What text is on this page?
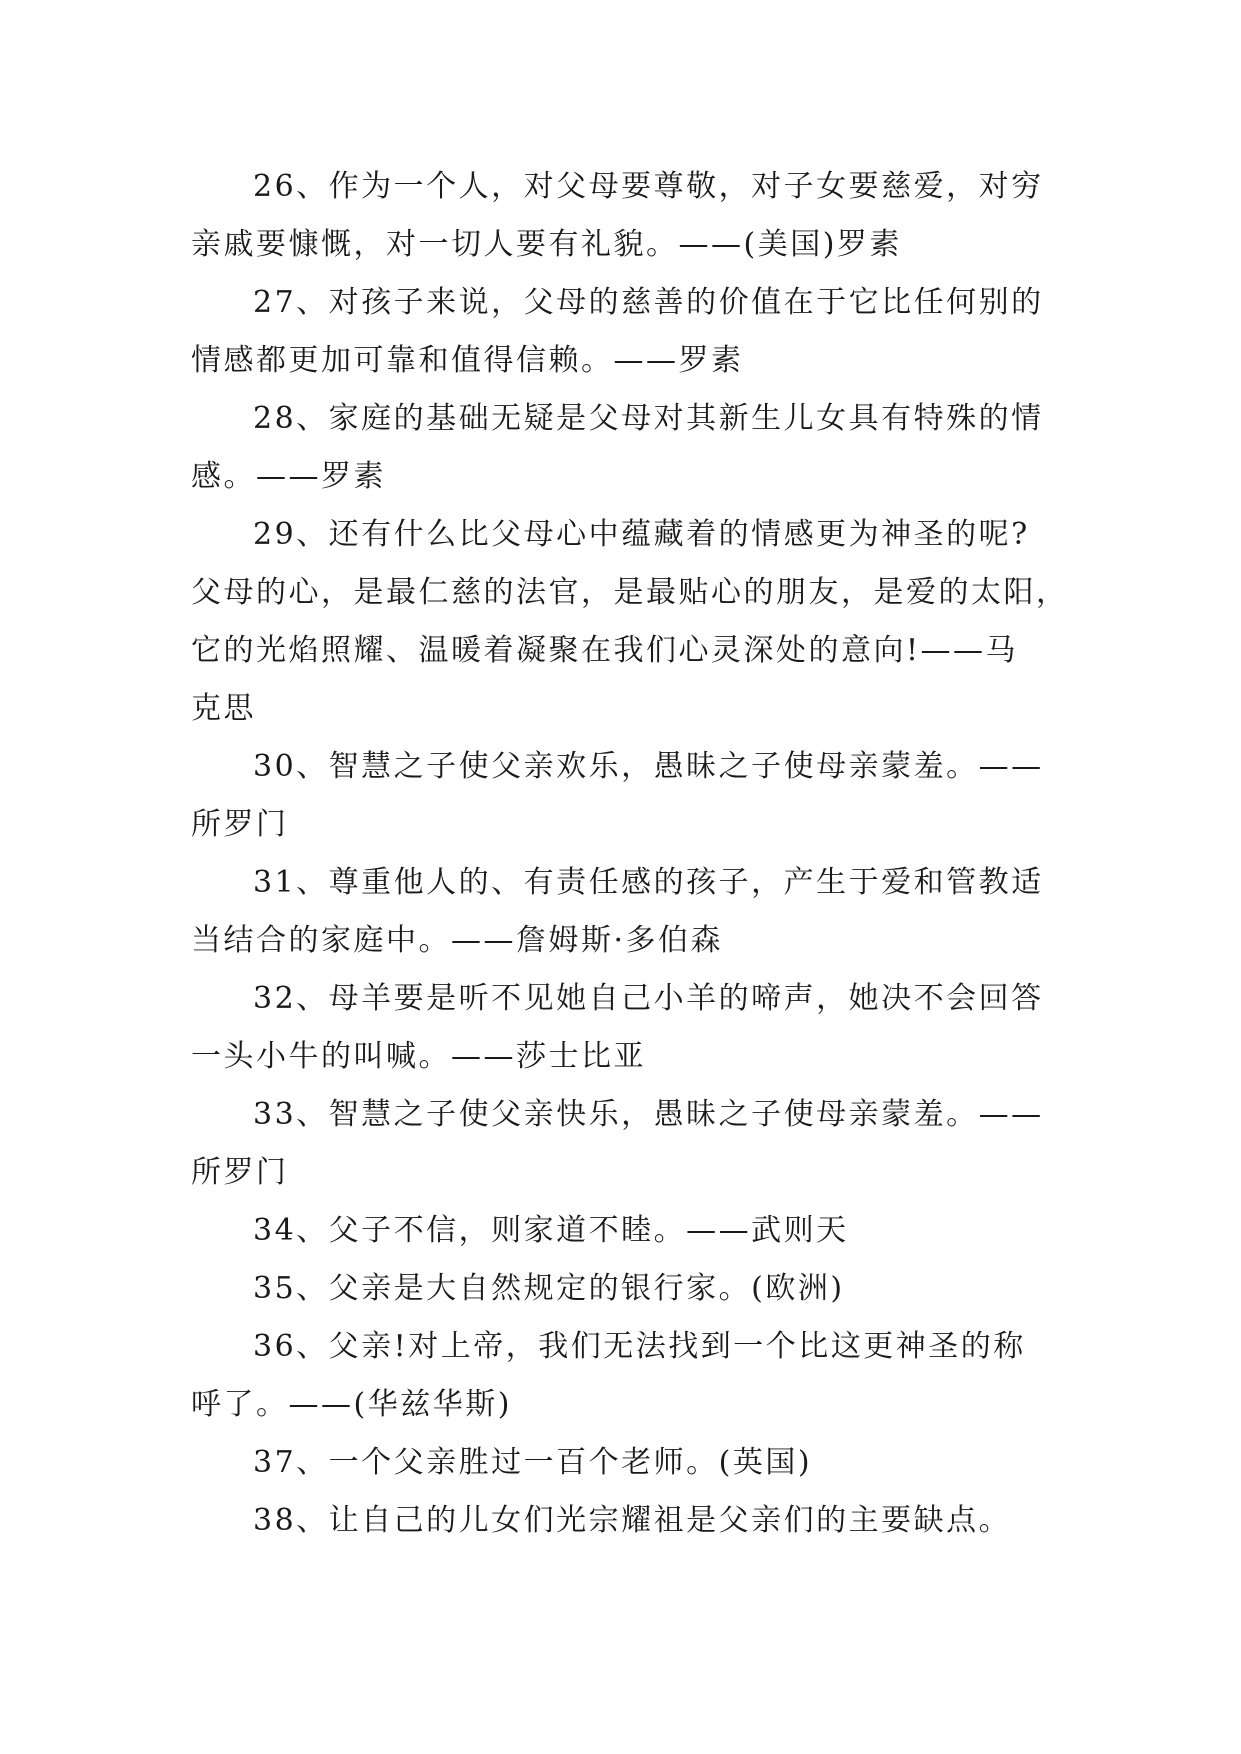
26、作为一个人，对父母要尊敬，对子女要慈爱，对穷
亲戚要慷慨，对一切人要有礼貌。——(美国)罗素
27、对孩子来说，父母的慈善的价值在于它比任何别的
情感都更加可靠和值得信赖。——罗素
28、家庭的基础无疑是父母对其新生儿女具有特殊的情
感。——罗素
29、还有什么比父母心中蕴藏着的情感更为神圣的呢?
父母的心，是最仁慈的法官，是最贴心的朋友，是爱的太阳，
它的光焰照耀、温暖着凝聚在我们心灵深处的意向!——马
克思
30、智慧之子使父亲欢乐，愚昧之子使母亲蒙羞。——
所罗门
31、尊重他人的、有责任感的孩子，产生于爱和管教适
当结合的家庭中。——詹姆斯·多伯森
32、母羊要是听不见她自己小羊的啼声，她决不会回答
一头小牛的叫喊。——莎士比亚
33、智慧之子使父亲快乐，愚昧之子使母亲蒙羞。——
所罗门
34、父子不信，则家道不睦。——武则天
35、父亲是大自然规定的银行家。(欧洲)
36、父亲!对上帝，我们无法找到一个比这更神圣的称
呼了。——(华兹华斯)
37、一个父亲胜过一百个老师。(英国)
38、让自己的儿女们光宗耀祖是父亲们的主要缺点。
